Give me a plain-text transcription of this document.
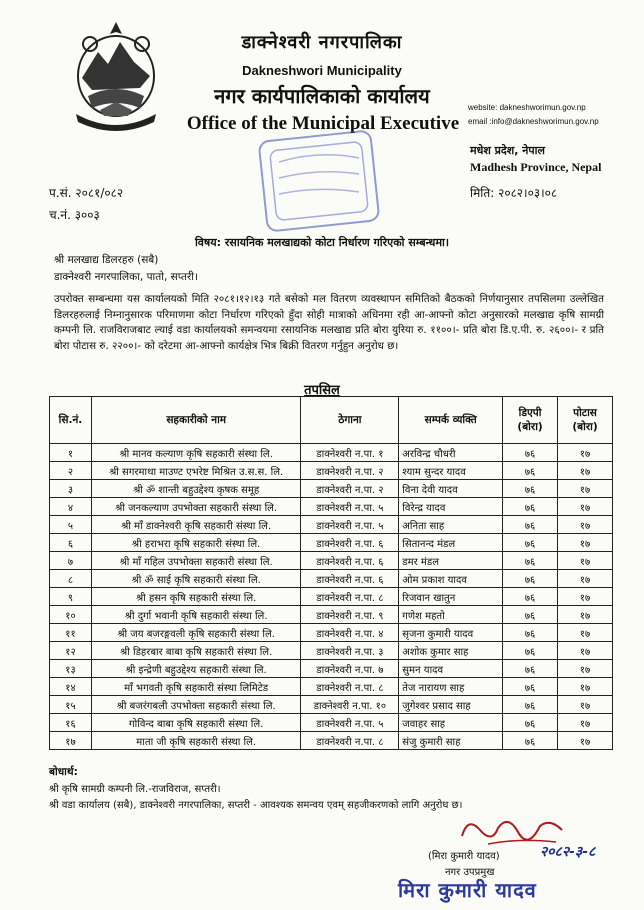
डाक्नेश्वरी नगरपालिका
Dakneshwori Municipality
नगर कार्यपालिकाको कार्यालय
Office of the Municipal Executive
website: dakneshworimun.gov.np
email :info@dakneshworimun.gov.np
मधेश प्रदेश, नेपाल
Madhesh Province, Nepal
प.सं. २०८१/०८२
च.नं. ३००३
मिति: २०८२।०३।०८
विषय: रसायनिक मलखाद्यको कोटा निर्धारण गरिएको सम्बन्धमा।
श्री मलखाद्य डिलरहरु (सबै)
डाक्नेश्वरी नगरपालिका, पातो, सप्तरी।
उपरोक्त सम्बन्धमा यस कार्यालयको मिति २०८१।१२।१३ गते बसेको मल वितरण व्यवस्थापन समितिको बैठकको निर्णयानुसार तपसिलमा उल्लेखित डिलरहरुलाई निम्नानुसारक परिमाणमा कोटा निर्धारण गरिएको हुँदा सोही मात्राको अधिनमा रही आ-आफ्नो कोटा अनुसारको मलखाद्य कृषि सामग्री कम्पनी लि. राजविराजबाट ल्याई वडा कार्यालयको समन्वयमा रसायनिक मलखाद्य प्रति बोरा युरिया रु. ११००।- प्रति बोरा डि.ए.पी. रु. २६००।- र प्रति बोरा पोटास रु. २२००।- को दरेटमा आ-आफ्नो कार्यक्षेत्र भित्र बिक्री वितरण गर्नुहुन अनुरोध छ।
तपसिल
सि.नं.	सहकारीको नाम	ठेगाना	सम्पर्क व्यक्ति	डिएपी (बोरा)	पोटास (बोरा)
१	श्री मानव कल्याण कृषि सहकारी संस्था लि.	डाक्नेश्वरी न.पा. १	अरविन्द्र चौधरी	७६	१७
२	श्री सगरमाथा माउण्ट एभरेष्ट मिश्रित उ.स.स. लि.	डाक्नेश्वरी न.पा. २	श्याम सुन्दर यादव	७६	१७
३	श्री ॐ शान्ती बहुउद्देश्य कृषक समूह	डाक्नेश्वरी न.पा. २	विना देवी यादव	७६	१७
४	श्री जनकल्याण उपभोक्ता सहकारी संस्था लि.	डाक्नेश्वरी न.पा. ५	विरेन्द्र यादव	७६	१७
५	श्री माँ डाक्नेश्वरी कृषि सहकारी संस्था लि.	डाक्नेश्वरी न.पा. ५	अनिता साह	७६	१७
६	श्री हराभरा कृषि सहकारी संस्था लि.	डाक्नेश्वरी न.पा. ६	सितानन्द मंडल	७६	१७
७	श्री माँ गहिल उपभोक्ता सहकारी संस्था लि.	डाक्नेश्वरी न.पा. ६	डमर मंडल	७६	१७
८	श्री ॐ साई कृषि सहकारी संस्था लि.	डाक्नेश्वरी न.पा. ६	ओम प्रकाश यादव	७६	१७
९	श्री हसन कृषि सहकारी संस्था लि.	डाक्नेश्वरी न.पा. ८	रिजवान खातुन	७६	१७
१०	श्री दुर्गा भवानी कृषि सहकारी संस्था लि.	डाक्नेश्वरी न.पा. ९	गणेश महतो	७६	१७
११	श्री जय बजरङ्गवली कृषि सहकारी संस्था लि.	डाक्नेश्वरी न.पा. ४	सृजना कुमारी यादव	७६	१७
१२	श्री डिहरबार बाबा कृषि सहकारी संस्था लि.	डाक्नेश्वरी न.पा. ३	अशोक कुमार साह	७६	१७
१३	श्री इन्द्रेणी बहुउद्देश्य सहकारी संस्था लि.	डाक्नेश्वरी न.पा. ७	सुमन यादव	७६	१७
१४	माँ भगवती कृषि सहकारी संस्था लिमिटेड	डाक्नेश्वरी न.पा. ८	तेज नारायण साह	७६	१७
१५	श्री बजरंगबली उपभोक्ता सहकारी संस्था लि.	डाक्नेश्वरी न.पा. १०	जुगेश्वर प्रसाद साह	७६	१७
१६	गोविन्द बाबा कृषि सहकारी संस्था लि.	डाक्नेश्वरी न.पा. ५	जवाहर साह	७६	१७
१७	माता जी कृषि सहकारी संस्था लि.	डाक्नेश्वरी न.पा. ८	संजु कुमारी साह	७६	१७
बोधार्थ:
श्री कृषि सामग्री कम्पनी लि.-राजविराज, सप्तरी।
श्री वडा कार्यालय (सबै), डाक्नेश्वरी नगरपालिका, सप्तरी - आवश्यक समन्वय एवम् सहजीकरणको लागि अनुरोध छ।
२०८२-३-८
(मिरा कुमारी यादव)
नगर उपप्रमुख
मिरा कुमारी यादव
